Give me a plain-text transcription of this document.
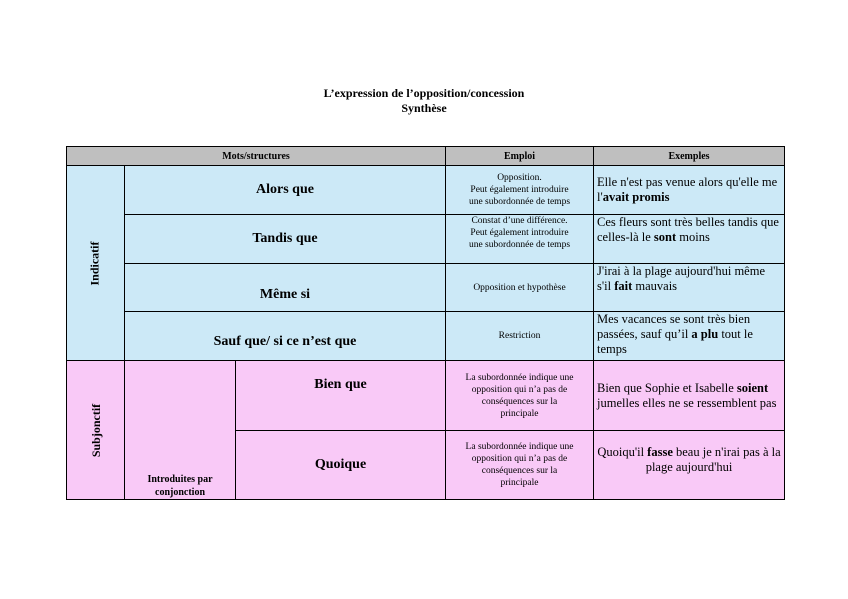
L’expression de l’opposition/concession
Synthèse
Mots/structures			Emploi	Exemples
Indicatif	Alors que		Opposition.
Peut également introduire
une subordonnée de temps	Elle n'est pas venue alors qu'elle me l'avait promis
	Tandis que		Constat d’une différence.
Peut également introduire
une subordonnée de temps	Ces fleurs sont très belles tandis que celles-là le sont moins
	Même si		Opposition et hypothèse	J'irai à la plage aujourd'hui même s'il fait mauvais
	Sauf que/ si ce n’est que		Restriction	Mes vacances se sont très bien passées, sauf qu’il a plu tout le temps
Subjonctif	Introduites par conjonction	Bien que	La subordonnée indique une
opposition qui n’a pas de
conséquences sur la
principale	Bien que Sophie et Isabelle soient jumelles elles ne se ressemblent pas
		Quoique	La subordonnée indique une
opposition qui n’a pas de
conséquences sur la
principale	Quoiqu'il fasse beau je n'irai pas à la plage aujourd'hui
